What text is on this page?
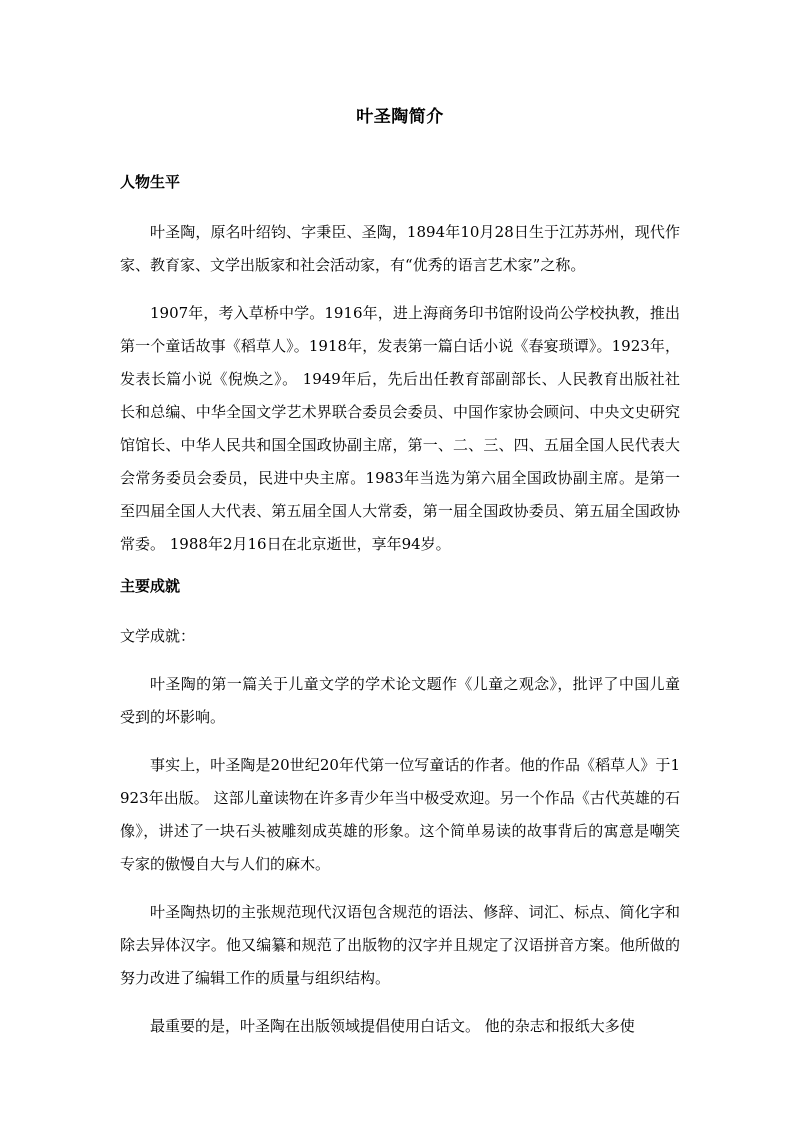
叶圣陶简介
人物生平

叶圣陶，原名叶绍钧、字秉臣、圣陶，1894年10月28日生于江苏苏州，现代作家、教育家、文学出版家和社会活动家，有“优秀的语言艺术家”之称。

1907年，考入草桥中学。1916年，进上海商务印书馆附设尚公学校执教，推出第一个童话故事《稻草人》。1918年，发表第一篇白话小说《春宴琐谭》。1923年，发表长篇小说《倪焕之》。 1949年后，先后出任教育部副部长、人民教育出版社社长和总编、中华全国文学艺术界联合委员会委员、中国作家协会顾问、中央文史研究馆馆长、中华人民共和国全国政协副主席，第一、二、三、四、五届全国人民代表大会常务委员会委员，民进中央主席。1983年当选为第六届全国政协副主席。是第一至四届全国人大代表、第五届全国人大常委，第一届全国政协委员、第五届全国政协常委。 1988年2月16日在北京逝世，享年94岁。

主要成就

文学成就：

叶圣陶的第一篇关于儿童文学的学术论文题作《儿童之观念》，批评了中国儿童受到的坏影响。

事实上，叶圣陶是20世纪20年代第一位写童话的作者。他的作品《稻草人》于1923年出版。 这部儿童读物在许多青少年当中极受欢迎。另一个作品《古代英雄的石像》，讲述了一块石头被雕刻成英雄的形象。这个简单易读的故事背后的寓意是嘲笑专家的傲慢自大与人们的麻木。

叶圣陶热切的主张规范现代汉语包含规范的语法、修辞、词汇、标点、简化字和除去异体汉字。他又编纂和规范了出版物的汉字并且规定了汉语拼音方案。他所做的努力改进了编辑工作的质量与组织结构。

最重要的是，叶圣陶在出版领域提倡使用白话文。 他的杂志和报纸大多使
